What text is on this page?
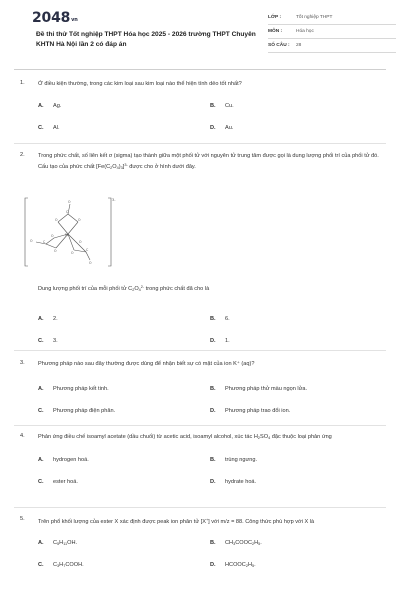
$2048_{vn}$
Đề thi thử Tốt nghiệp THPT Hóa học 2025 - 2026 trường THPT Chuyên KHTN Hà Nội lần 2 có đáp án
LỚP :	Tốt nghiệp THPT
MÔN :	Hóa học
SỐ CÂU :	28
1. Ở điều kiện thường, trong các kim loại sau kim loại nào thể hiện tính dẻo tốt nhất?
A. Ag.	B. Cu.
C. Al.	D. Au.
2. Trong phức chất, số liên kết σ (sigma) tạo thành giữa một phối tử với nguyên tử trung tâm được gọi là dung lượng phối trí của phối tử đó. Cấu tạo của phức chất $[Fe(C_2O_4)_3]^{3-}$ được cho ở hình dưới đây.
Fe
O	O
C
O
O
O
C
O	O
O
C
O
3-
Dung lượng phối trí của mỗi phối tử $C_2O_4^{2-}$ trong phức chất đã cho là
A. 2.	B. 6.
C. 3.	D. 1.
3. Phương pháp nào sau đây thường được dùng để nhận biết sự có mặt của ion K⁺ (aq)?
A. Phương pháp kết tinh.	B. Phương pháp thử màu ngọn lửa.
C. Phương pháp điện phân.	D. Phương pháp trao đổi ion.
4. Phản ứng điều chế isoamyl acetate (dầu chuối) từ acetic acid, isoamyl alcohol, xúc tác $H_2SO_4$ đặc thuộc loại phản ứng
A. hydrogen hoá.	B. trùng ngưng.
C. ester hoá.	D. hydrate hoá.
5. Trên phổ khối lượng của ester X xác định được peak ion phân tử [X+] với m/z = 88. Công thức phù hợp với X là
A. $C_5H_{11}OH$.	B. $CH_3COOC_2H_5$.
C. $C_3H_7COOH$.	D. $HCOOC_2H_5$.
